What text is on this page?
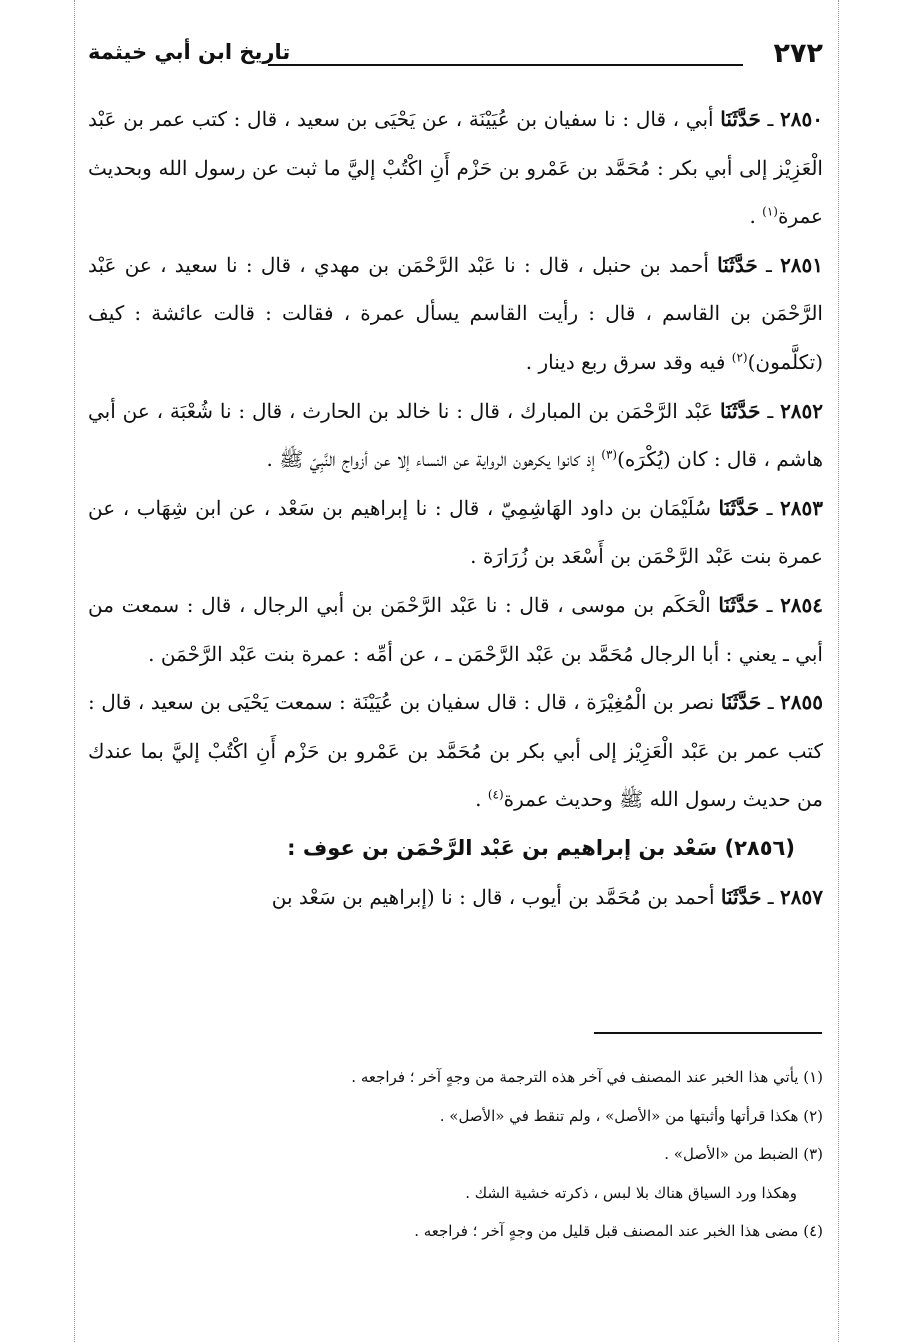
٢٧٢
تاريخ ابن أبي خيثمة

٢٨٥٠ ـ حَدَّثَنَا أبي ، قال : نا سفيان بن عُيَيْنَة ، عن يَحْيَى بن سعيد ، قال : كتب عمر بن عَبْد الْعَزِيْز إلى أبي بكر : مُحَمَّد بن عَمْرو بن حَزْم أَنِ اكْتُبْ إليَّ ما ثبت عن رسول الله وبحديث عمرة$^{(١)}$ .

٢٨٥١ ـ حَدَّثَنَا أحمد بن حنبل ، قال : نا عَبْد الرَّحْمَن بن مهدي ، قال : نا سعيد ، عن عَبْد الرَّحْمَن بن القاسم ، قال : رأيت القاسم يسأل عمرة ، فقالت : قالت عائشة : كيف (تكلَّمون)$^{(٢)}$ فيه وقد سرق ربع دينار .

٢٨٥٢ ـ حَدَّثَنَا عَبْد الرَّحْمَن بن المبارك ، قال : نا خالد بن الحارث ، قال : نا شُعْبَة ، عن أبي هاشم ، قال : كان (يُكْرَه)$^{(٣)}$ إذ كانوا يكرهون الرواية عن النساء إلا عن أزواج النَّبِيّ ﷺ .

٢٨٥٣ ـ حَدَّثَنَا سُلَيْمَان بن داود الهَاشِمِيّ ، قال : نا إبراهيم بن سَعْد ، عن ابن شِهَاب ، عن عمرة بنت عَبْد الرَّحْمَن بن أَسْعَد بن زُرَارَة .

٢٨٥٤ ـ حَدَّثَنَا الْحَكَم بن موسى ، قال : نا عَبْد الرَّحْمَن بن أبي الرجال ، قال : سمعت من أبي ـ يعني : أبا الرجال مُحَمَّد بن عَبْد الرَّحْمَن ـ ، عن أمِّه : عمرة بنت عَبْد الرَّحْمَن .

٢٨٥٥ ـ حَدَّثَنَا نصر بن الْمُغِيْرَة ، قال : قال سفيان بن عُيَيْنَة : سمعت يَحْيَى بن سعيد ، قال : كتب عمر بن عَبْد الْعَزِيْز إلى أبي بكر بن مُحَمَّد بن عَمْرو بن حَزْم أَنِ اكْتُبْ إليَّ بما عندك من حديث رسول الله ﷺ وحديث عمرة$^{(٤)}$ .

(٢٨٥٦) سَعْد بن إبراهيم بن عَبْد الرَّحْمَن بن عوف :

٢٨٥٧ ـ حَدَّثَنَا أحمد بن مُحَمَّد بن أيوب ، قال : نا (إبراهيم بن سَعْد بن

(١) يأتي هذا الخبر عند المصنف في آخر هذه الترجمة من وجهٍ آخر ؛ فراجعه .

(٢) هكذا قرأتها وأثبتها من «الأصل» ، ولم تنقط في «الأصل» .

(٣) الضبط من «الأصل» .

وهكذا ورد السياق هناك بلا لبس ، ذكرته خشية الشك .

(٤) مضى هذا الخبر عند المصنف قبل قليل من وجهٍ آخر ؛ فراجعه .
